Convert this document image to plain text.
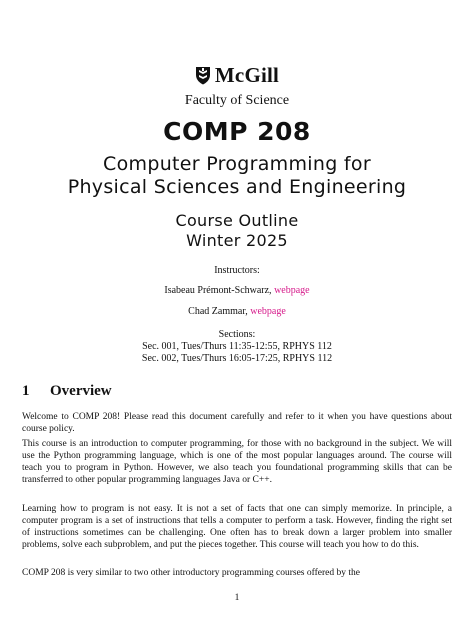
McGill
Faculty of Science
COMP 208
Computer Programming for
Physical Sciences and Engineering
Course Outline
Winter 2025
Instructors:
Isabeau Prémont-Schwarz, webpage
Chad Zammar, webpage
Sections:
Sec. 001, Tues/Thurs 11:35-12:55, RPHYS 112
Sec. 002, Tues/Thurs 16:05-17:25, RPHYS 112
1 Overview
Welcome to COMP 208! Please read this document carefully and refer to it when you have questions about course policy.
This course is an introduction to computer programming, for those with no background in the subject. We will use the Python programming language, which is one of the most popular languages around. The course will teach you to program in Python. However, we also teach you foundational programming skills that can be transferred to other popular programming languages Java or C++.
Learning how to program is not easy. It is not a set of facts that one can simply memorize. In principle, a computer program is a set of instructions that tells a computer to perform a task. However, finding the right set of instructions sometimes can be challenging. One often has to break down a larger problem into smaller problems, solve each subproblem, and put the pieces together. This course will teach you how to do this.
COMP 208 is very similar to two other introductory programming courses offered by the
1
